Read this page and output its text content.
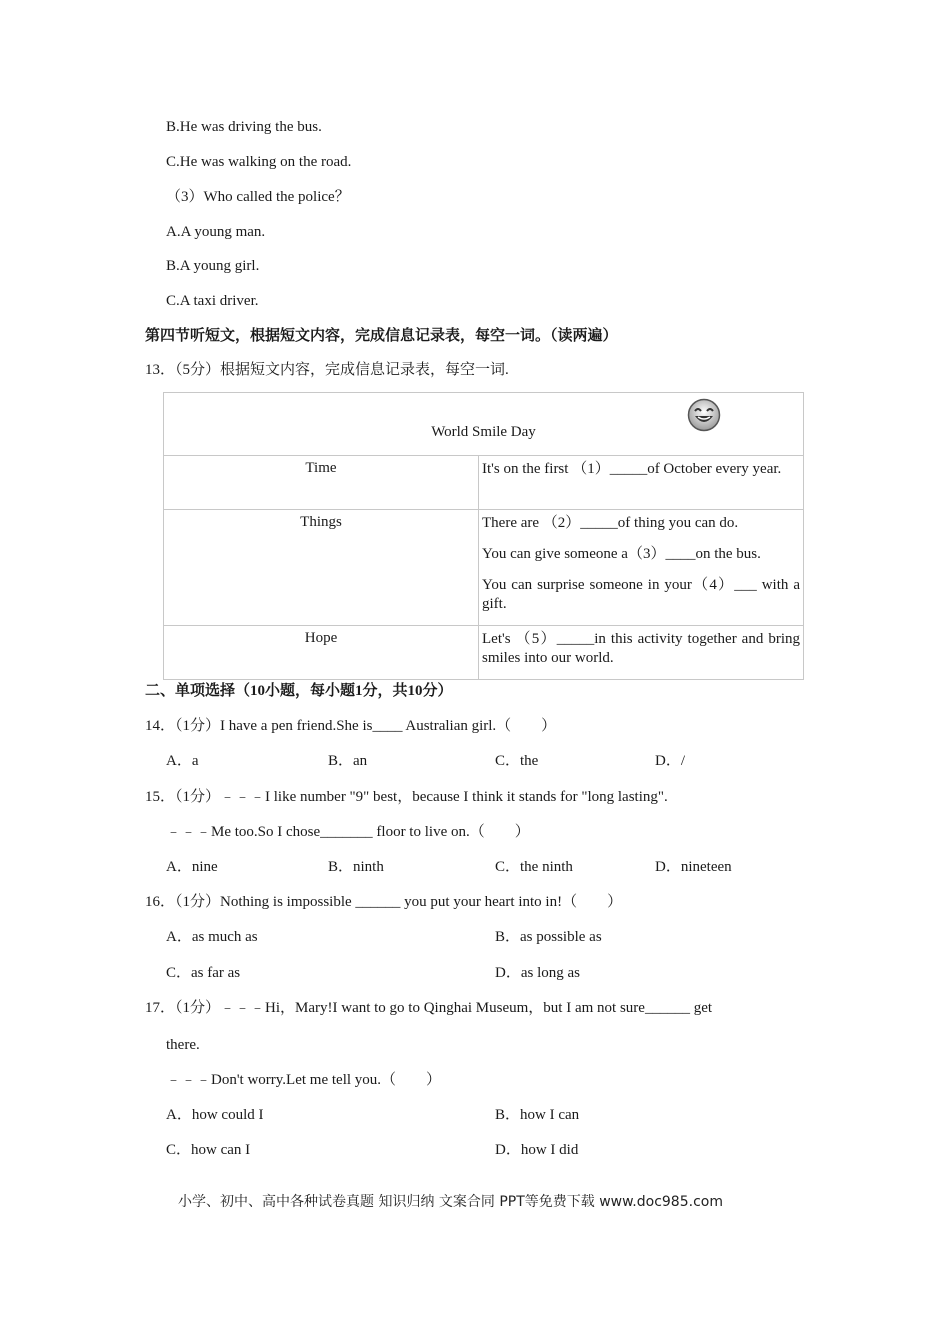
B.He was driving the bus.
C.He was walking on the road.
（3）Who called the police？
A.A young man.
B.A young girl.
C.A taxi driver.
第四节听短文，根据短文内容，完成信息记录表，每空一词。（读两遍）
13．（5分）根据短文内容，完成信息记录表，每空一词.
World Smile Day	

Time	It's on the first （1）_____of October every year.

Things	There are （2）_____of thing you can do.

You can give someone a（3）____on the bus.

You can surprise someone in your（4）___ with a gift.

Hope	Let's （5）_____in this activity together and bring smiles into our world.

二、单项选择（10小题，每小题1分，共10分）
14．（1分）I have a pen friend.She is____ Australian girl.（　　）
A．a	B．an	C．the	D．/
15．（1分）﹣﹣﹣I like number "9" best，because I think it stands for "long lasting".
﹣﹣﹣Me too.So I chose_______ floor to live on.（　　）
A．nine	B．ninth	C．the ninth	D．nineteen
16．（1分）Nothing is impossible ______ you put your heart into in!（　　）
A．as much as	B．as possible as
C．as far as	D．as long as
17．（1分）﹣﹣﹣Hi，Mary!I want to go to Qinghai Museum，but I am not sure______ get
there.
﹣﹣﹣Don't worry.Let me tell you.（　　）
A．how could I	B．how I can
C．how can I	D．how I did
小学、初中、高中各种试卷真题 知识归纳 文案合同 PPT等免费下载 www.doc985.com
